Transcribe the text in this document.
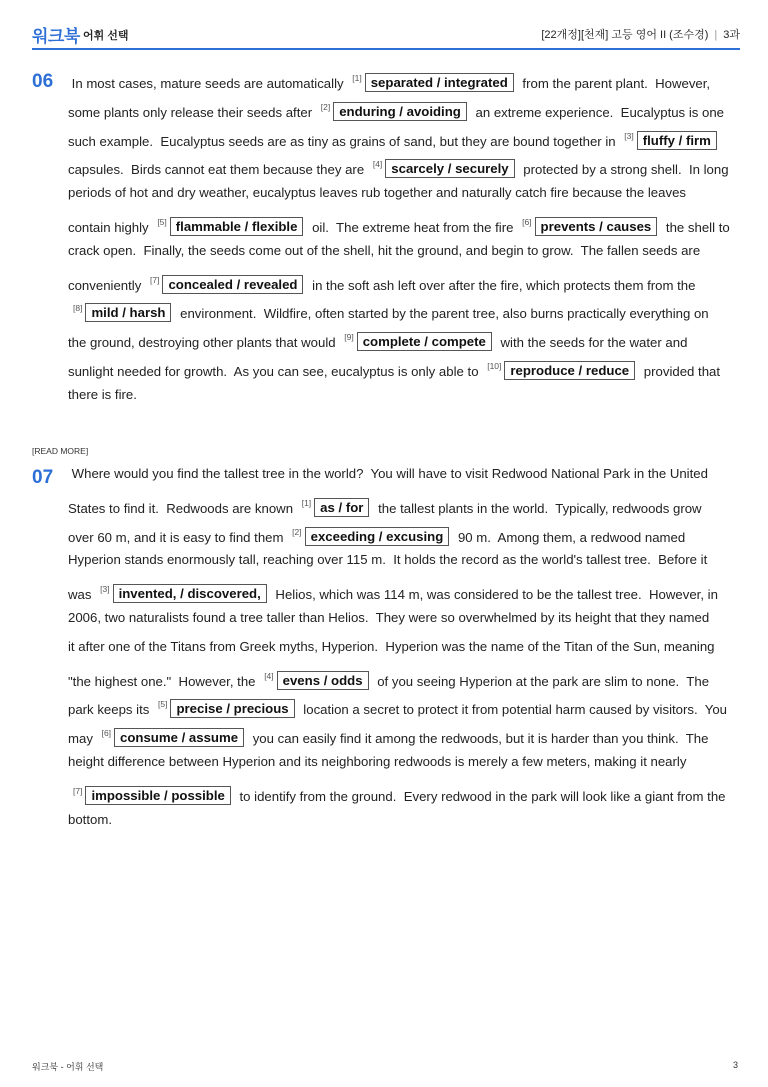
워크북 어휘 선택	[22개정][천재] 고등 영어 II (조수경) | 3과
06 In most cases, mature seeds are automatically [1] separated / integrated from the parent plant.  However,
some plants only release their seeds after [2] enduring / avoiding an extreme experience.  Eucalyptus is one
such example.  Eucalyptus seeds are as tiny as grains of sand, but they are bound together in [3] fluffy / firm
capsules.  Birds cannot eat them because they are [4] scarcely / securely protected by a strong shell.  In long
periods of hot and dry weather, eucalyptus leaves rub together and naturally catch fire because the leaves
contain highly [5] flammable / flexible oil.  The extreme heat from the fire [6] prevents / causes the shell to
crack open.  Finally, the seeds come out of the shell, hit the ground, and begin to grow.  The fallen seeds are
conveniently [7] concealed / revealed in the soft ash left over after the fire, which protects them from the
[8] mild / harsh environment.  Wildfire, often started by the parent tree, also burns practically everything on
the ground, destroying other plants that would [9] complete / compete with the seeds for the water and
sunlight needed for growth.  As you can see, eucalyptus is only able to [10] reproduce / reduce provided that
there is fire.
[READ MORE]
07 Where would you find the tallest tree in the world?  You will have to visit Redwood National Park in the United
States to find it.  Redwoods are known [1] as / for the tallest plants in the world.  Typically, redwoods grow
over 60 m, and it is easy to find them [2] exceeding / excusing 90 m.  Among them, a redwood named
Hyperion stands enormously tall, reaching over 115 m.  It holds the record as the world's tallest tree.  Before it
was [3] invented, / discovered, Helios, which was 114 m, was considered to be the tallest tree.  However, in
2006, two naturalists found a tree taller than Helios.  They were so overwhelmed by its height that they named
it after one of the Titans from Greek myths, Hyperion.  Hyperion was the name of the Titan of the Sun, meaning
"the highest one."  However, the [4] evens / odds of you seeing Hyperion at the park are slim to none.  The
park keeps its [5] precise / precious location a secret to protect it from potential harm caused by visitors.  You
may [6] consume / assume you can easily find it among the redwoods, but it is harder than you think.  The
height difference between Hyperion and its neighboring redwoods is merely a few meters, making it nearly
[7] impossible / possible to identify from the ground.  Every redwood in the park will look like a giant from the
bottom.
워크북 - 어휘 선택	3
